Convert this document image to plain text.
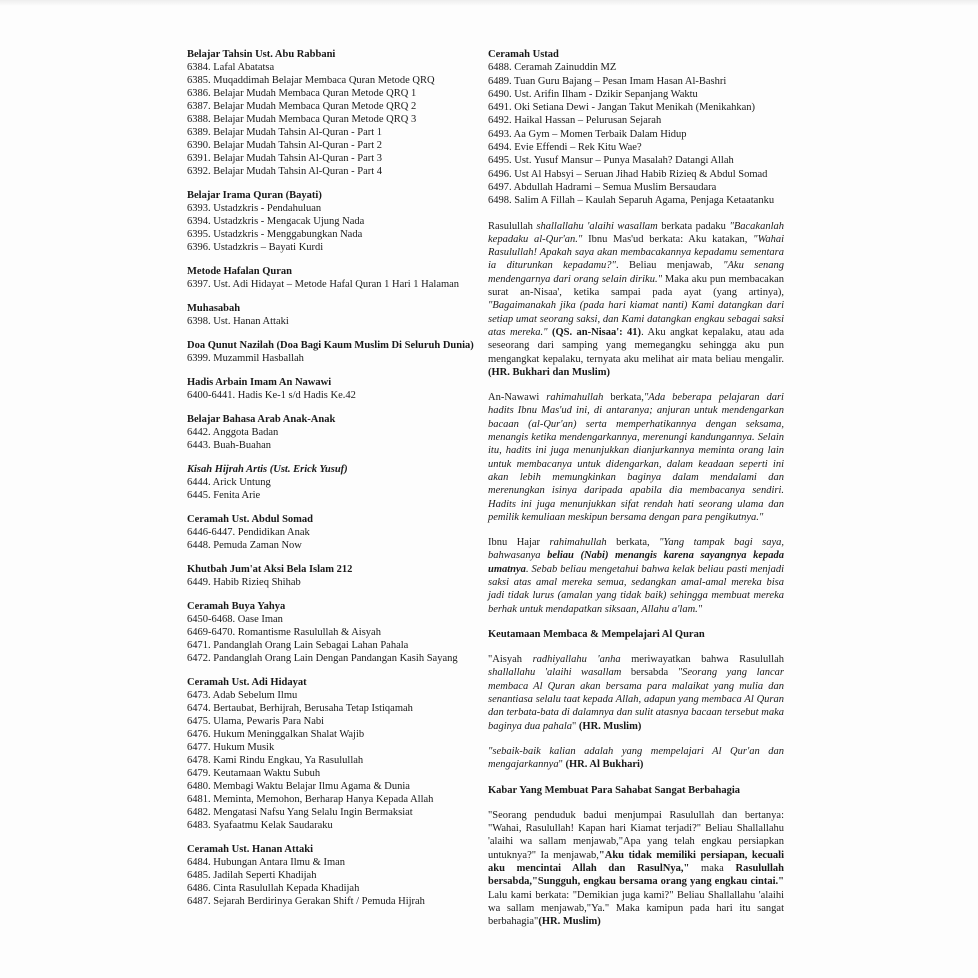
Belajar Tahsin Ust. Abu Rabbani
6384. Lafal Abatatsa
6385. Muqaddimah Belajar Membaca Quran Metode QRQ
6386. Belajar Mudah Membaca Quran Metode QRQ 1
6387. Belajar Mudah Membaca Quran Metode QRQ 2
6388. Belajar Mudah Membaca Quran Metode QRQ 3
6389. Belajar Mudah Tahsin Al-Quran - Part 1
6390. Belajar Mudah Tahsin Al-Quran - Part 2
6391. Belajar Mudah Tahsin Al-Quran - Part 3
6392. Belajar Mudah Tahsin Al-Quran - Part 4
Belajar Irama Quran (Bayati)
6393. Ustadzkris - Pendahuluan
6394. Ustadzkris - Mengacak Ujung Nada
6395. Ustadzkris - Menggabungkan Nada
6396. Ustadzkris – Bayati Kurdi
Metode Hafalan Quran
6397. Ust. Adi Hidayat – Metode Hafal Quran 1 Hari 1 Halaman
Muhasabah
6398. Ust. Hanan Attaki
Doa Qunut Nazilah (Doa Bagi Kaum Muslim Di Seluruh Dunia)
6399. Muzammil Hasballah
Hadis Arbain Imam An Nawawi
6400-6441. Hadis Ke-1 s/d Hadis Ke.42
Belajar Bahasa Arab Anak-Anak
6442. Anggota Badan
6443. Buah-Buahan
Kisah Hijrah Artis (Ust. Erick Yusuf)
6444. Arick Untung
6445. Fenita Arie
Ceramah Ust. Abdul Somad
6446-6447. Pendidikan Anak
6448. Pemuda Zaman Now
Khutbah Jum'at Aksi Bela Islam 212
6449. Habib Rizieq Shihab
Ceramah Buya Yahya
6450-6468. Oase Iman
6469-6470. Romantisme Rasulullah & Aisyah
6471. Pandanglah Orang Lain Sebagai Lahan Pahala
6472. Pandanglah Orang Lain Dengan Pandangan Kasih Sayang
Ceramah Ust. Adi Hidayat
6473. Adab Sebelum Ilmu
6474. Bertaubat, Berhijrah, Berusaha Tetap Istiqamah
6475. Ulama, Pewaris Para Nabi
6476. Hukum Meninggalkan Shalat Wajib
6477. Hukum Musik
6478. Kami Rindu Engkau, Ya Rasulullah
6479. Keutamaan Waktu Subuh
6480. Membagi Waktu Belajar Ilmu Agama & Dunia
6481. Meminta, Memohon, Berharap Hanya Kepada Allah
6482. Mengatasi Nafsu Yang Selalu Ingin Bermaksiat
6483. Syafaatmu Kelak Saudaraku
Ceramah Ust. Hanan Attaki
6484. Hubungan Antara Ilmu & Iman
6485. Jadilah Seperti Khadijah
6486. Cinta Rasulullah Kepada Khadijah
6487. Sejarah Berdirinya Gerakan Shift / Pemuda Hijrah
Ceramah Ustad
6488. Ceramah Zainuddin MZ
6489. Tuan Guru Bajang – Pesan Imam Hasan Al-Bashri
6490. Ust. Arifin Ilham - Dzikir Sepanjang Waktu
6491. Oki Setiana Dewi - Jangan Takut Menikah (Menikahkan)
6492. Haikal Hassan – Pelurusan Sejarah
6493. Aa Gym – Momen Terbaik Dalam Hidup
6494. Evie Effendi – Rek Kitu Wae?
6495. Ust. Yusuf Mansur – Punya Masalah? Datangi Allah
6496. Ust Al Habsyi – Seruan Jihad Habib Rizieq & Abdul Somad
6497. Abdullah Hadrami – Semua Muslim Bersaudara
6498. Salim A Fillah – Kaulah Separuh Agama, Penjaga Ketaatanku
Rasulullah shallallahu 'alaihi wasallam berkata padaku "Bacakanlah kepadaku al-Qur'an." Ibnu Mas'ud berkata: Aku katakan, "Wahai Rasulullah! Apakah saya akan membacakannya kepadamu sementara ia diturunkan kepadamu?". Beliau menjawab, "Aku senang mendengarnya dari orang selain diriku." Maka aku pun membacakan surat an-Nisaa', ketika sampai pada ayat (yang artinya), "Bagaimanakah jika (pada hari kiamat nanti) Kami datangkan dari setiap umat seorang saksi, dan Kami datangkan engkau sebagai saksi atas mereka." (QS. an-Nisaa': 41). Aku angkat kepalaku, atau ada seseorang dari samping yang memegangku sehingga aku pun mengangkat kepalaku, ternyata aku melihat air mata beliau mengalir. (HR. Bukhari dan Muslim)
An-Nawawi rahimahullah berkata,"Ada beberapa pelajaran dari hadits Ibnu Mas'ud ini, di antaranya; anjuran untuk mendengarkan bacaan (al-Qur'an) serta memperhatikannya dengan seksama, menangis ketika mendengarkannya, merenungi kandungannya. Selain itu, hadits ini juga menunjukkan dianjurkannya meminta orang lain untuk membacanya untuk didengarkan, dalam keadaan seperti ini akan lebih memungkinkan baginya dalam mendalami dan merenungkan isinya daripada apabila dia membacanya sendiri. Hadits ini juga menunjukkan sifat rendah hati seorang ulama dan pemilik kemuliaan meskipun bersama dengan para pengikutnya."
Ibnu Hajar rahimahullah berkata, "Yang tampak bagi saya, bahwasanya beliau (Nabi) menangis karena sayangnya kepada umatnya. Sebab beliau mengetahui bahwa kelak beliau pasti menjadi saksi atas amal mereka semua, sedangkan amal-amal mereka bisa jadi tidak lurus (amalan yang tidak baik) sehingga membuat mereka berhak untuk mendapatkan siksaan, Allahu a'lam."
Keutamaan Membaca & Mempelajari Al Quran
"Aisyah radhiyallahu 'anha meriwayatkan bahwa Rasulullah shallallahu 'alaihi wasallam bersabda "Seorang yang lancar membaca Al Quran akan bersama para malaikat yang mulia dan senantiasa selalu taat kepada Allah, adapun yang membaca Al Quran dan terbata-bata di dalamnya dan sulit atasnya bacaan tersebut maka baginya dua pahala" (HR. Muslim)
"sebaik-baik kalian adalah yang mempelajari Al Qur'an dan mengajarkannya" (HR. Al Bukhari)
Kabar Yang Membuat Para Sahabat Sangat Berbahagia
"Seorang penduduk badui menjumpai Rasulullah dan bertanya: "Wahai, Rasulullah! Kapan hari Kiamat terjadi?" Beliau Shallallahu 'alaihi wa sallam menjawab,"Apa yang telah engkau persiapkan untuknya?" Ia menjawab,"Aku tidak memiliki persiapan, kecuali aku mencintai Allah dan RasulNya," maka Rasulullah bersabda,"Sungguh, engkau bersama orang yang engkau cintai." Lalu kami berkata: "Demikian juga kami?" Beliau Shallallahu 'alaihi wa sallam menjawab,"Ya." Maka kamipun pada hari itu sangat berbahagia"(HR. Muslim)
